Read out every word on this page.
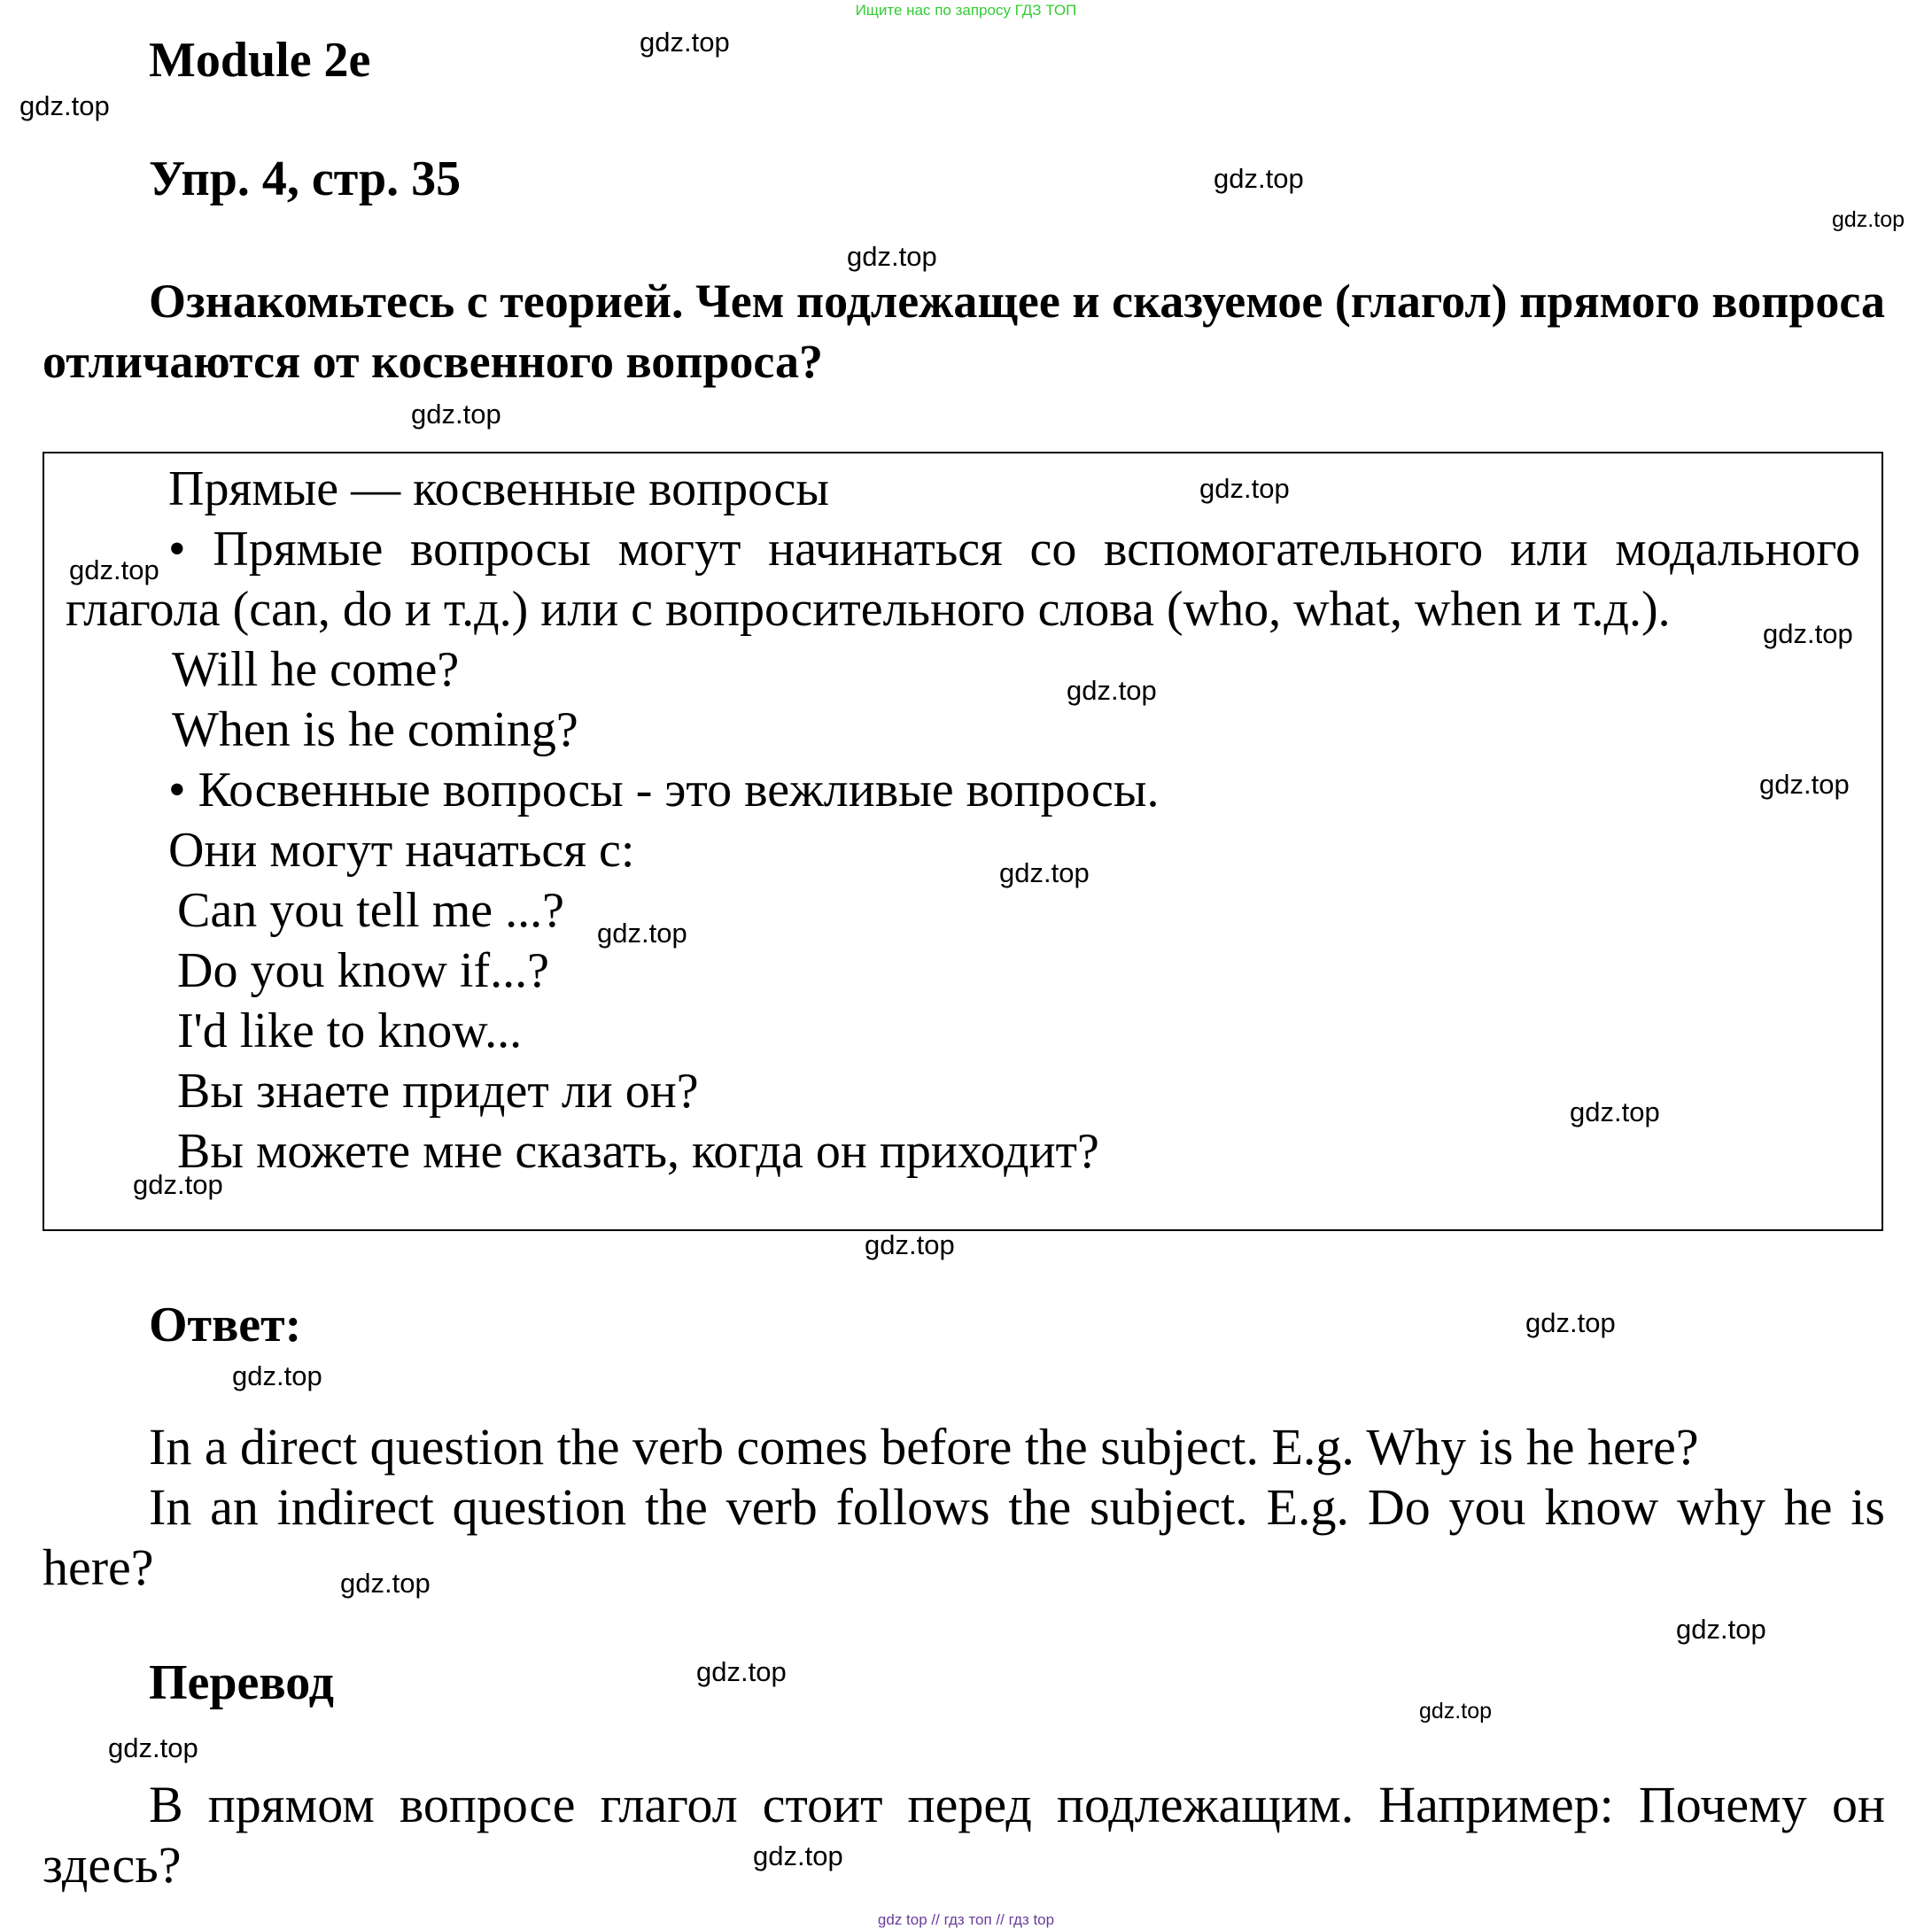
Ищите нас по запросу ГДЗ ТОП
Module 2e
Упр. 4, стр. 35

Ознакомьтесь с теорией. Чем подлежащее и сказуемое (глагол) прямого вопроса отличаются от косвенного вопроса?

Прямые — косвенные вопросы

• Прямые вопросы могут начинаться со вспомогательного или модального глагола (can, do и т.д.) или с вопросительного слова (who, what, when и т.д.).

Will he come?
When is he coming?
• Косвенные вопросы - это вежливые вопросы.
Они могут начаться с:
Can you tell me ...?
Do you know if...?
I'd like to know...
Вы знаете придет ли он?
Вы можете мне сказать, когда он приходит?
Ответ:

In a direct question the verb comes before the subject. E.g. Why is he here?

In an indirect question the verb follows the subject. E.g. Do you know why he is here?

Перевод

В прямом вопросе глагол стоит перед подлежащим. Например: Почему он здесь?

gdz.top
gdz.top
gdz.top
gdz.top
gdz.top
gdz.top
gdz.top
gdz.top
gdz.top
gdz.top
gdz.top
gdz.top
gdz.top
gdz.top
gdz.top
gdz.top
gdz.top
gdz.top
gdz.top
gdz.top
gdz.top
gdz.top
gdz.top
gdz.top
gdz top // гдз топ // гдз top
